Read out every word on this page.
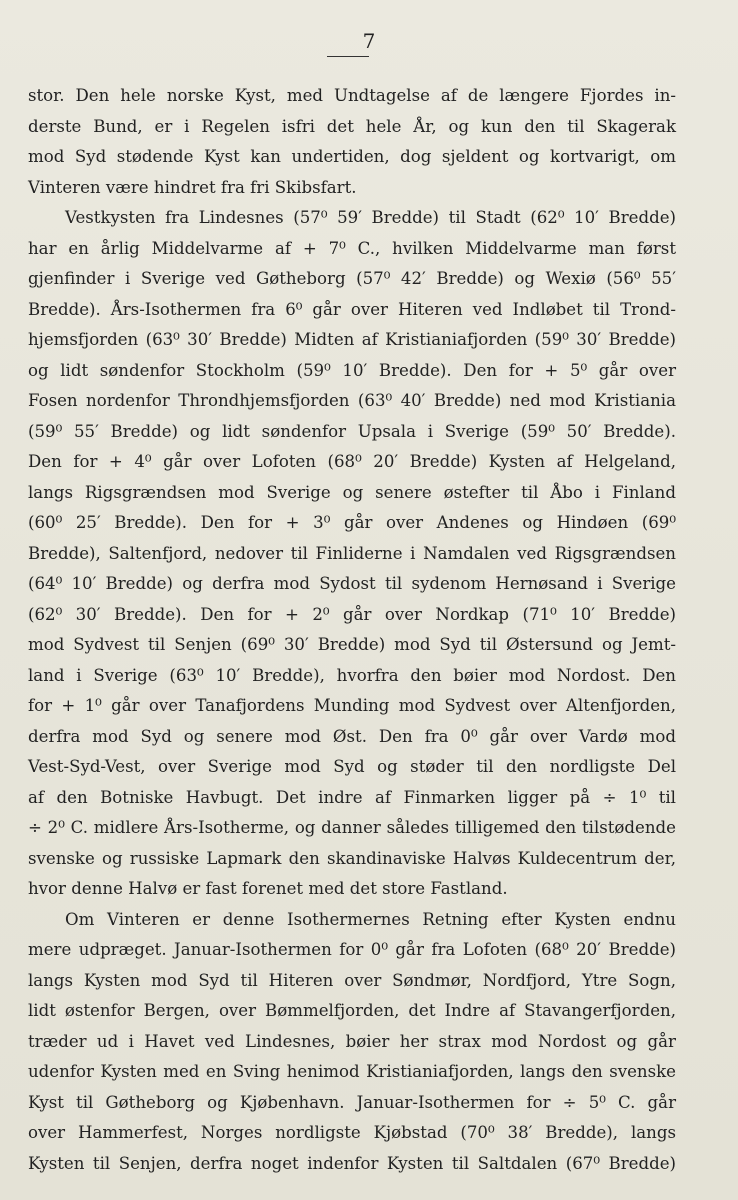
7
stor. Den hele norske Kyst, med Undtagelse af de længere Fjordes in-
derste Bund, er i Regelen isfri det hele År, og kun den til Skagerak
mod Syd stødende Kyst kan undertiden, dog sjeldent og kortvarigt, om
Vinteren være hindret fra fri Skibsfart.
Vestkysten fra Lindesnes (57⁰ 59′ Bredde) til Stadt (62⁰ 10′ Bredde)
har en årlig Middelvarme af + 7⁰ C., hvilken Middelvarme man først
gjenfinder i Sverige ved Gøtheborg (57⁰ 42′ Bredde) og Wexiø (56⁰ 55′
Bredde). Års-Isothermen fra 6⁰ går over Hiteren ved Indløbet til Trond-
hjemsfjorden (63⁰ 30′ Bredde) Midten af Kristianiafjorden (59⁰ 30′ Bredde)
og lidt søndenfor Stockholm (59⁰ 10′ Bredde). Den for + 5⁰ går over
Fosen nordenfor Throndhjemsfjorden (63⁰ 40′ Bredde) ned mod Kristiania
(59⁰ 55′ Bredde) og lidt søndenfor Upsala i Sverige (59⁰ 50′ Bredde).
Den for + 4⁰ går over Lofoten (68⁰ 20′ Bredde) Kysten af Helgeland,
langs Rigsgrændsen mod Sverige og senere østefter til Åbo i Finland
(60⁰ 25′ Bredde). Den for + 3⁰ går over Andenes og Hindøen (69⁰
Bredde), Saltenfjord, nedover til Finliderne i Namdalen ved Rigsgrændsen
(64⁰ 10′ Bredde) og derfra mod Sydost til sydenom Hernøsand i Sverige
(62⁰ 30′ Bredde). Den for + 2⁰ går over Nordkap (71⁰ 10′ Bredde)
mod Sydvest til Senjen (69⁰ 30′ Bredde) mod Syd til Østersund og Jemt-
land i Sverige (63⁰ 10′ Bredde), hvorfra den bøier mod Nordost. Den
for + 1⁰ går over Tanafjordens Munding mod Sydvest over Altenfjorden,
derfra mod Syd og senere mod Øst. Den fra 0⁰ går over Vardø mod
Vest-Syd-Vest, over Sverige mod Syd og støder til den nordligste Del
af den Botniske Havbugt. Det indre af Finmarken ligger på ÷ 1⁰ til
÷ 2⁰ C. midlere Års-Isotherme, og danner således tilligemed den tilstødende
svenske og russiske Lapmark den skandinaviske Halvøs Kuldecentrum der,
hvor denne Halvø er fast forenet med det store Fastland.
Om Vinteren er denne Isothermernes Retning efter Kysten endnu
mere udpræget. Januar-Isothermen for 0⁰ går fra Lofoten (68⁰ 20′ Bredde)
langs Kysten mod Syd til Hiteren over Søndmør, Nordfjord, Ytre Sogn,
lidt østenfor Bergen, over Bømmelfjorden, det Indre af Stavangerfjorden,
træder ud i Havet ved Lindesnes, bøier her strax mod Nordost og går
udenfor Kysten med en Sving henimod Kristianiafjorden, langs den svenske
Kyst til Gøtheborg og Kjøbenhavn. Januar-Isothermen for ÷ 5⁰ C. går
over Hammerfest, Norges nordligste Kjøbstad (70⁰ 38′ Bredde), langs
Kysten til Senjen, derfra noget indenfor Kysten til Saltdalen (67⁰ Bredde)
